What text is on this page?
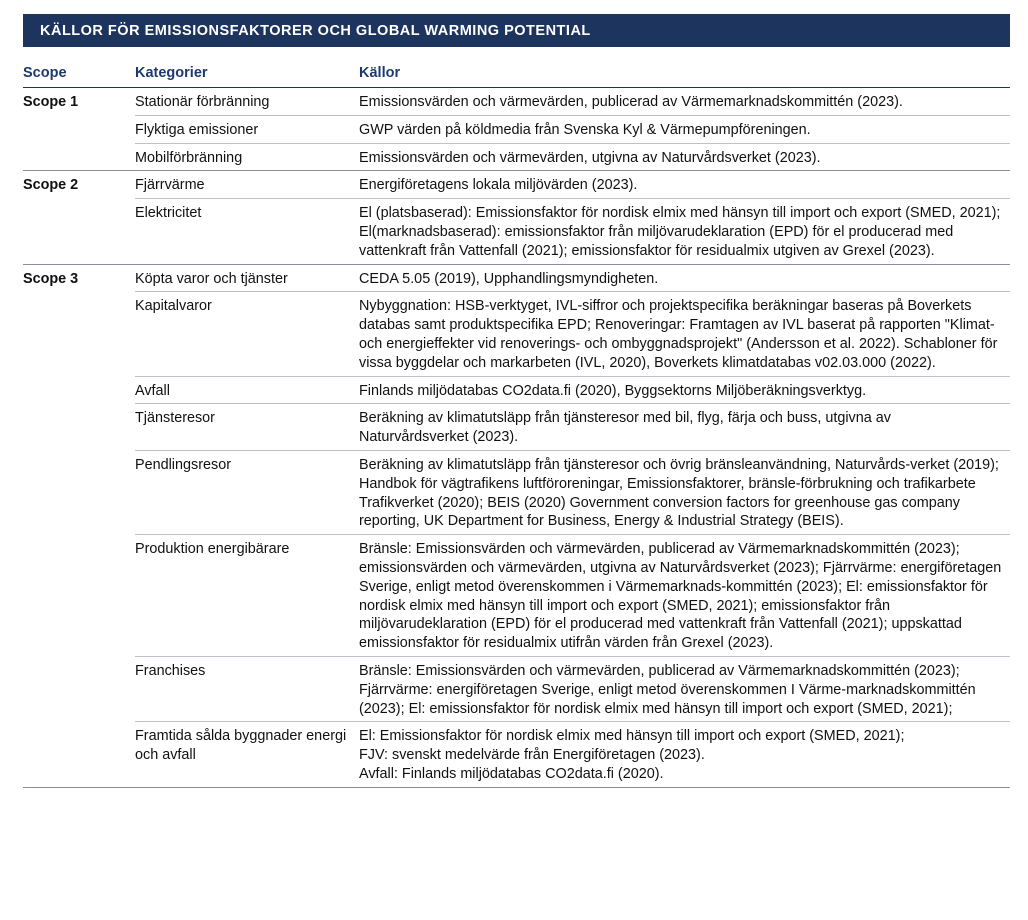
KÄLLOR FÖR EMISSIONSFAKTORER OCH GLOBAL WARMING POTENTIAL
Scope	Kategorier	Källor
Scope 1	Stationär förbränning	Emissionsvärden och värmevärden, publicerad av Värmemarknadskommittén (2023).
	Flyktiga emissioner	GWP värden på köldmedia från Svenska Kyl & Värmepumpföreningen.
	Mobilförbränning	Emissionsvärden och värmevärden, utgivna av Naturvårdsverket (2023).
Scope 2	Fjärrvärme	Energiföretagens lokala miljövärden (2023).
	Elektricitet	El (platsbaserad): Emissionsfaktor för nordisk elmix med hänsyn till import och export (SMED, 2021); El(marknadsbaserad): emissionsfaktor från miljövarudeklaration (EPD) för el producerad med vattenkraft från Vattenfall (2021); emissionsfaktor för residualmix utgiven av Grexel (2023).
Scope 3	Köpta varor och tjänster	CEDA 5.05 (2019), Upphandlingsmyndigheten.
	Kapitalvaror	Nybyggnation: HSB-verktyget, IVL-siffror och projektspecifika beräkningar baseras på Boverkets databas samt produktspecifika EPD; Renoveringar: Framtagen av IVL baserat på rapporten "Klimat- och energieffekter vid renoverings- och ombyggnadsprojekt" (Andersson et al. 2022). Schabloner för vissa byggdelar och markarbeten (IVL, 2020), Boverkets klimatdatabas v02.03.000 (2022).
	Avfall	Finlands miljödatabas CO2data.fi (2020), Byggsektorns Miljöberäkningsverktyg.
	Tjänsteresor	Beräkning av klimatutsläpp från tjänsteresor med bil, flyg, färja och buss, utgivna av Naturvårdsverket (2023).
	Pendlingsresor	Beräkning av klimatutsläpp från tjänsteresor och övrig bränsleanvändning, Naturvårds-verket (2019); Handbok för vägtrafikens luftföroreningar, Emissionsfaktorer, bränsle-förbrukning och trafikarbete Trafikverket (2020); BEIS (2020) Government conversion factors for greenhouse gas company reporting, UK Department for Business, Energy & Industrial Strategy (BEIS).
	Produktion energibärare	Bränsle: Emissionsvärden och värmevärden, publicerad av Värmemarknadskommittén (2023); emissionsvärden och värmevärden, utgivna av Naturvårdsverket (2023); Fjärrvärme: energiföretagen Sverige, enligt metod överenskommen i Värmemarknads-kommittén (2023); El: emissionsfaktor för nordisk elmix med hänsyn till import och export (SMED, 2021); emissionsfaktor från miljövarudeklaration (EPD) för el producerad med vattenkraft från Vattenfall (2021); uppskattad emissionsfaktor för residualmix utifrån värden från Grexel (2023).
	Franchises	Bränsle: Emissionsvärden och värmevärden, publicerad av Värmemarknadskommittén (2023); Fjärrvärme: energiföretagen Sverige, enligt metod överenskommen I Värme-marknadskommittén (2023); El: emissionsfaktor för nordisk elmix med hänsyn till import och export (SMED, 2021);
	Framtida sålda byggnader energi och avfall	El: Emissionsfaktor för nordisk elmix med hänsyn till import och export (SMED, 2021);
FJV: svenskt medelvärde från Energiföretagen (2023).
Avfall: Finlands miljödatabas CO2data.fi (2020).
